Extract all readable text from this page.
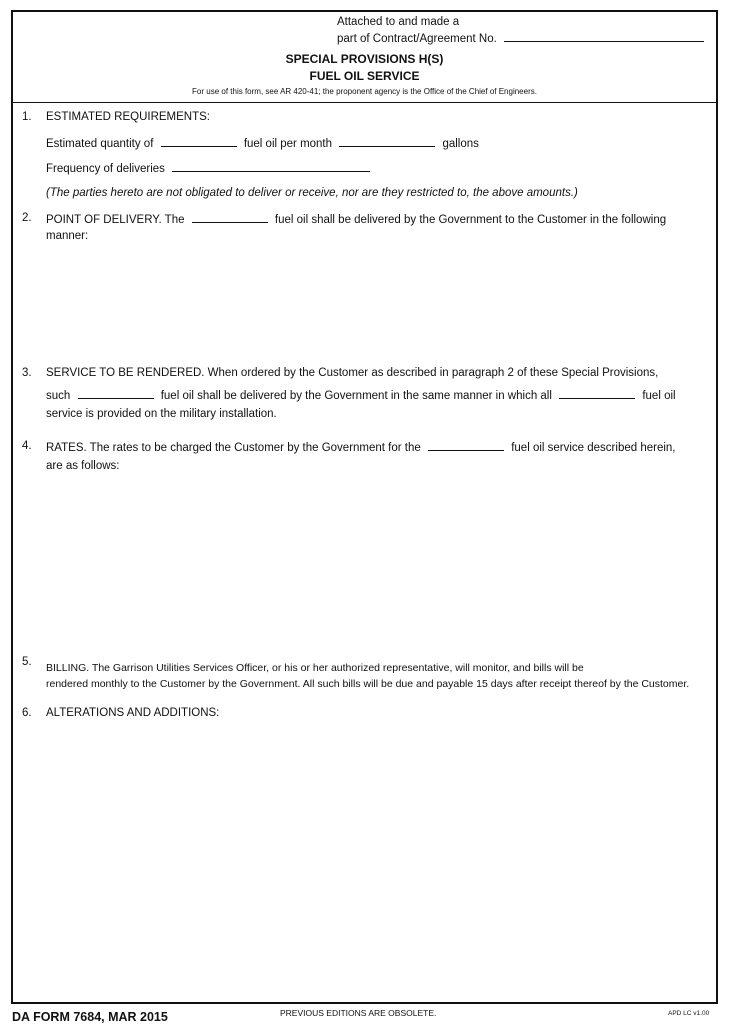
Attached to and made a
part of Contract/Agreement No.
SPECIAL PROVISIONS H(S)
FUEL OIL SERVICE
For use of this form, see AR 420-41; the proponent agency is the Office of the Chief of Engineers.
1. ESTIMATED REQUIREMENTS:
Estimated quantity of	fuel oil per month	gallons
Frequency of deliveries
(The parties hereto are not obligated to deliver or receive, nor are they restricted to, the above amounts.)
2. POINT OF DELIVERY. The	fuel oil shall be delivered by the Government to the Customer in the following
manner:
3. SERVICE TO BE RENDERED. When ordered by the Customer as described in paragraph 2 of these Special Provisions,
such	fuel oil shall be delivered by the Government in the same manner in which all	fuel oil
service is provided on the military installation.
4. RATES. The rates to be charged the Customer by the Government for the	fuel oil service described herein,
are as follows:
5. BILLING. The Garrison Utilities Services Officer, or his or her authorized representative, will monitor, and bills will be
rendered monthly to the Customer by the Government. All such bills will be due and payable 15 days after receipt thereof by the Customer.
6. ALTERATIONS AND ADDITIONS:
DA FORM 7684, MAR 2015	PREVIOUS EDITIONS ARE OBSOLETE.	APD LC v1.00
